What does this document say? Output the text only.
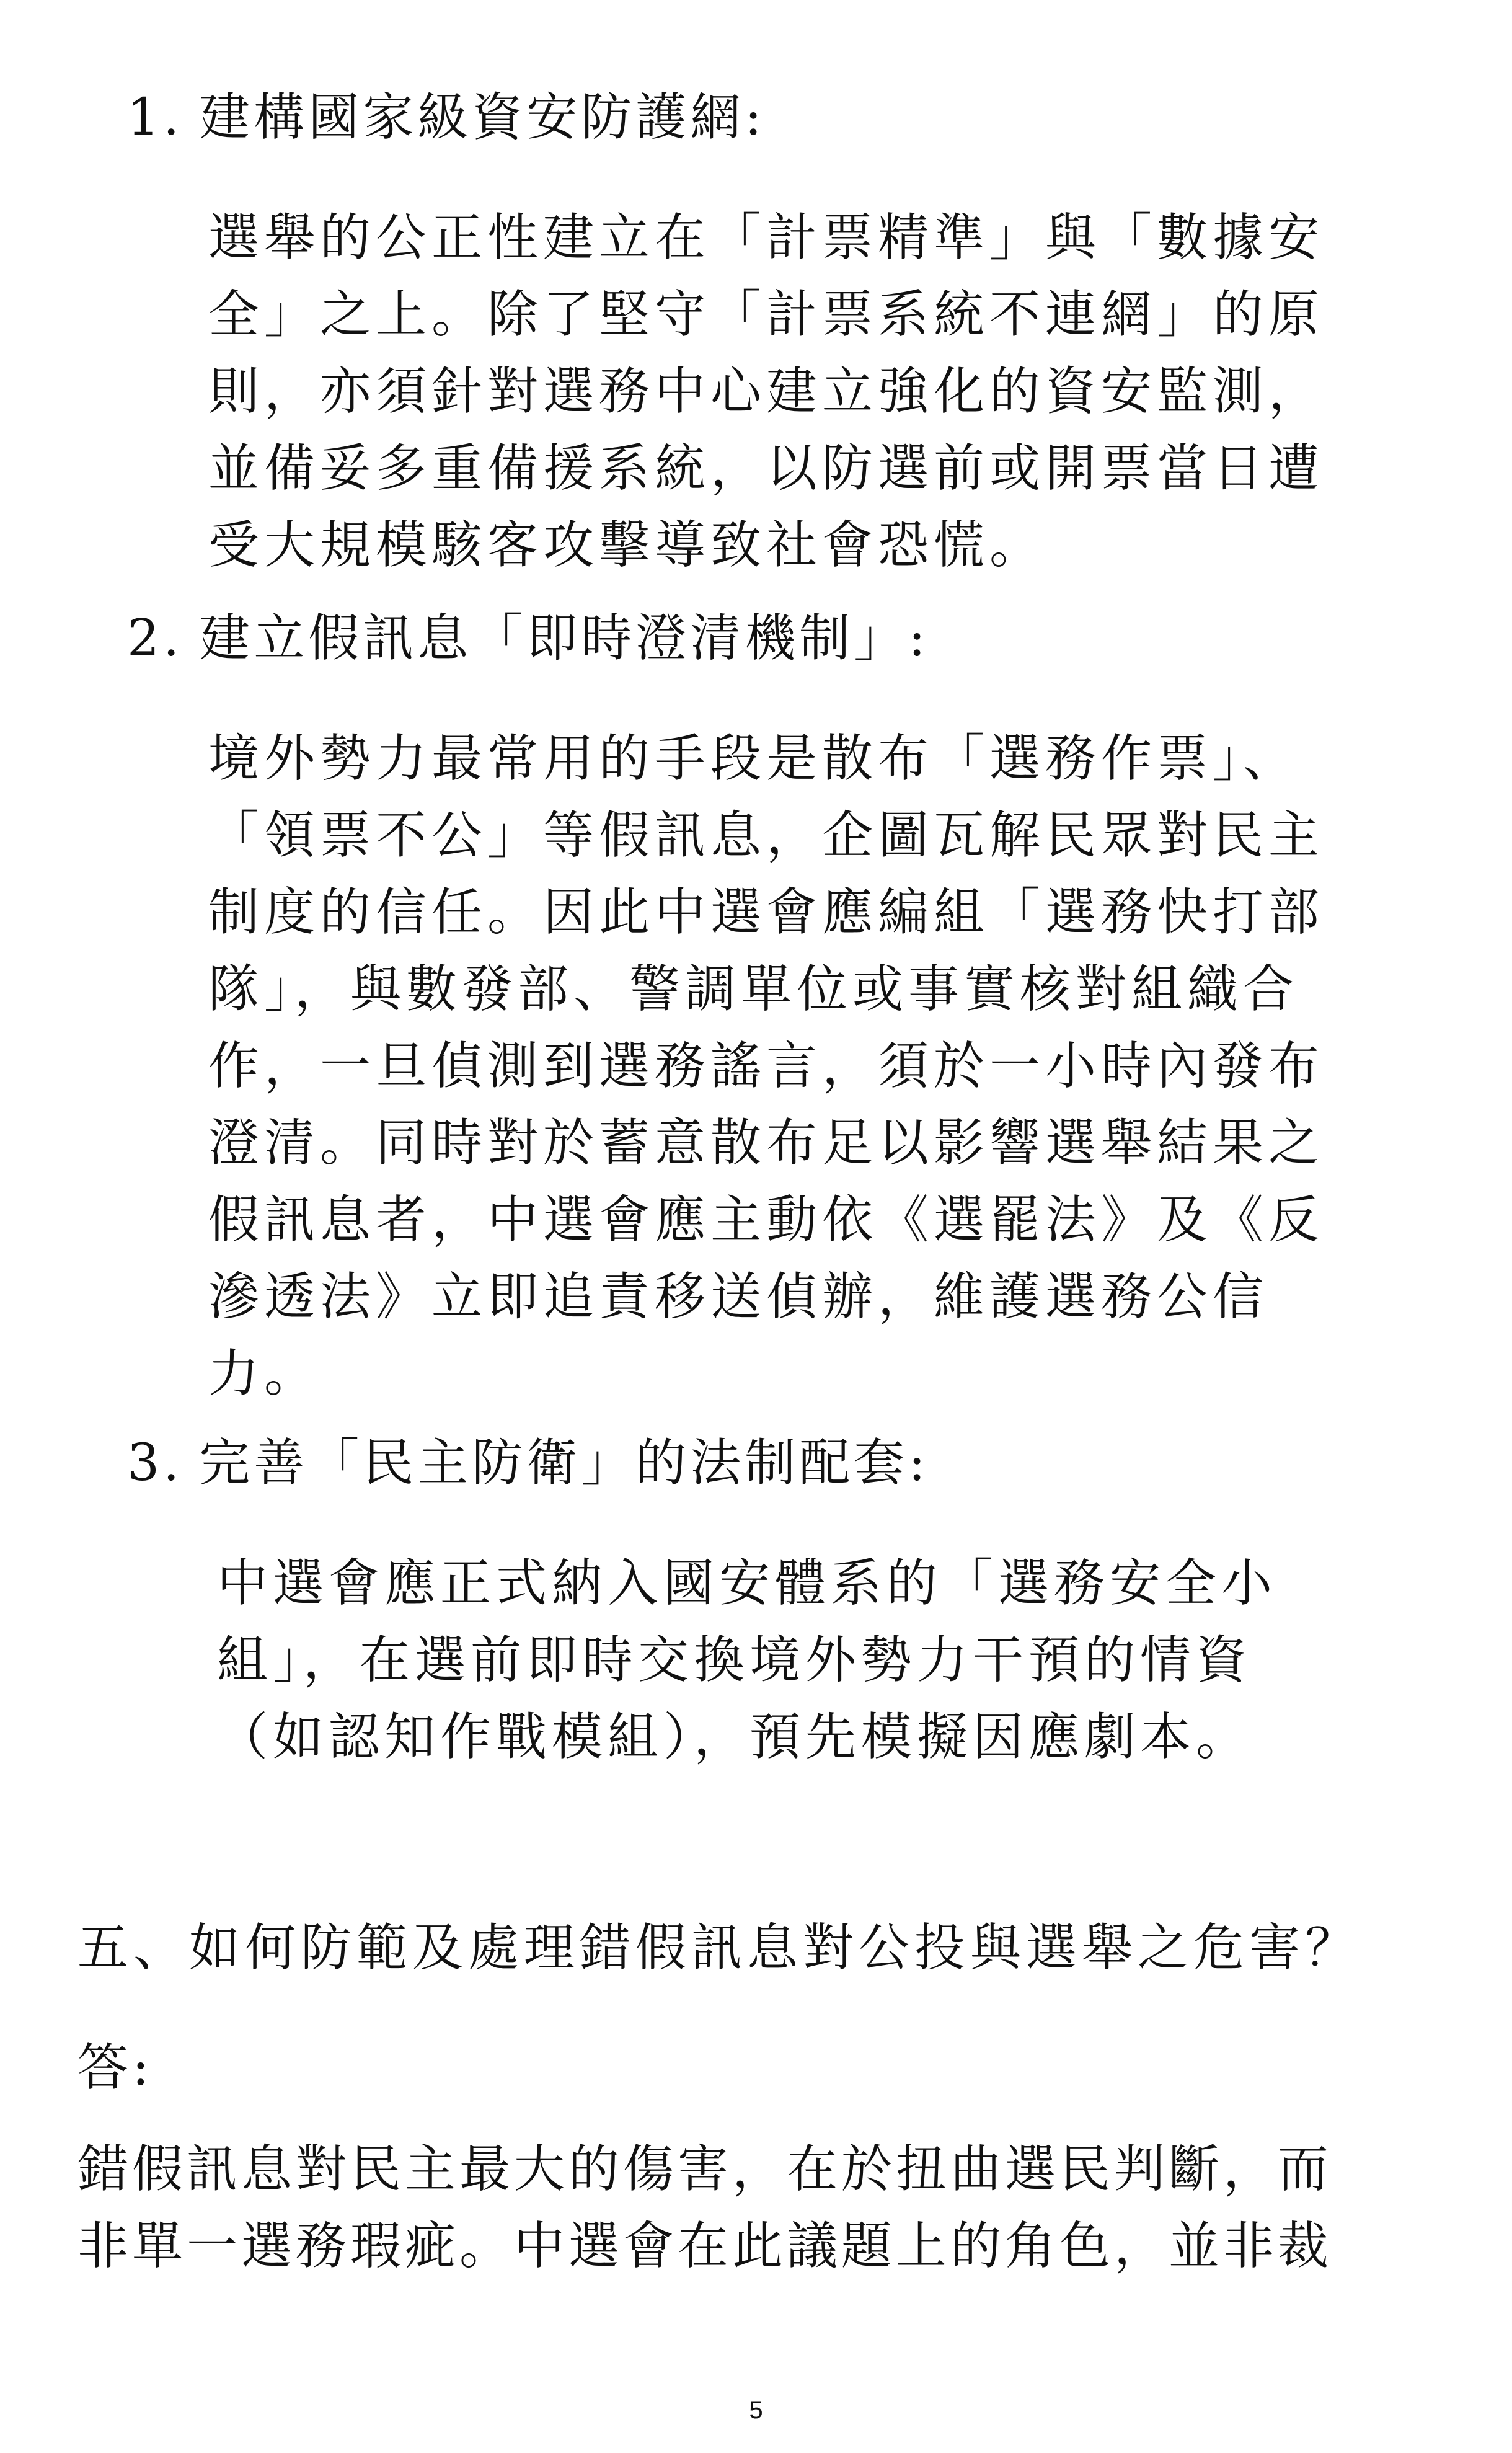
1. 建構國家級資安防護網:
選舉的公正性建立在「計票精準」與「數據安
全」之上。除了堅守「計票系統不連網」的原
則，亦須針對選務中心建立強化的資安監測，
並備妥多重備援系統，以防選前或開票當日遭
受大規模駭客攻擊導致社會恐慌。
2. 建立假訊息「即時澄清機制」:
境外勢力最常用的手段是散布「選務作票」、
「領票不公」等假訊息，企圖瓦解民眾對民主
制度的信任。因此中選會應編組「選務快打部
隊」，與數發部、警調單位或事實核對組織合
作，一旦偵測到選務謠言，須於一小時內發布
澄清。同時對於蓄意散布足以影響選舉結果之
假訊息者，中選會應主動依《選罷法》及《反
滲透法》立即追責移送偵辦，維護選務公信
力。
3. 完善「民主防衛」的法制配套:
中選會應正式納入國安體系的「選務安全小
組」，在選前即時交換境外勢力干預的情資
（如認知作戰模組），預先模擬因應劇本。
五、如何防範及處理錯假訊息對公投與選舉之危害？
答:
錯假訊息對民主最大的傷害，在於扭曲選民判斷，而
非單一選務瑕疵。中選會在此議題上的角色，並非裁
5
